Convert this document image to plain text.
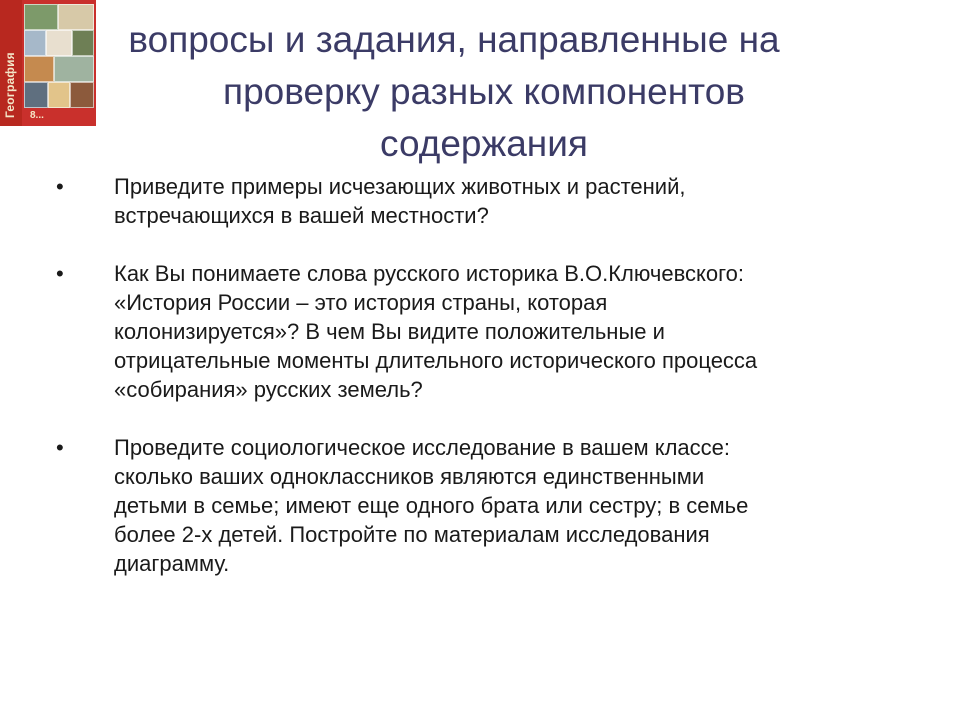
География 8...
вопросы и задания, направленные на
проверку разных компонентов
содержания
•	Приведите примеры исчезающих животных и растений,
встречающихся в вашей местности?
•	Как Вы понимаете слова русского историка В.О.Ключевского:
«История России – это история страны, которая
колонизируется»? В чем Вы видите положительные и
отрицательные моменты длительного исторического процесса
«собирания» русских земель?
•	Проведите социологическое исследование в вашем классе:
сколько ваших одноклассников являются единственными
детьми в семье; имеют еще одного брата или сестру; в семье
более 2-х детей. Постройте по материалам исследования
диаграмму.
